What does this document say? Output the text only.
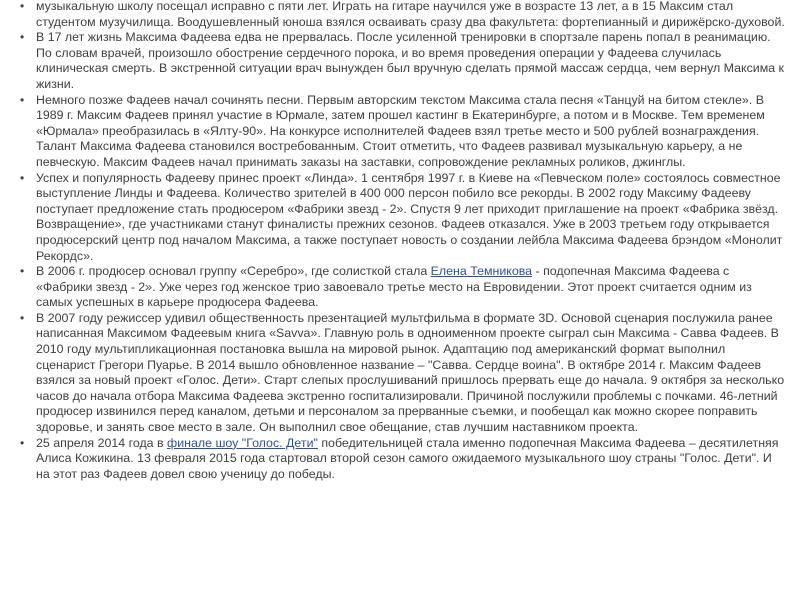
• музыкальную школу посещал исправно с пяти лет. Играть на гитаре научился уже в возрасте 13 лет, а в 15 Максим стал студентом музучилища. Воодушевленный юноша взялся осваивать сразу два факультета: фортепианный и дирижёрско-духовой.
• В 17 лет жизнь Максима Фадеева едва не прервалась. После усиленной тренировки в спортзале парень попал в реанимацию. По словам врачей, произошло обострение сердечного порока, и во время проведения операции у Фадеева случилась клиническая смерть. В экстренной ситуации врач вынужден был вручную сделать прямой массаж сердца, чем вернул Максима к жизни.
• Немного позже Фадеев начал сочинять песни. Первым авторским текстом Максима стала песня «Танцуй на битом стекле». В 1989 г. Максим Фадеев принял участие в Юрмале, затем прошел кастинг в Екатеринбурге, а потом и в Москве. Тем временем «Юрмала» преобразилась в «Ялту-90». На конкурсе исполнителей Фадеев взял третье место и 500 рублей вознаграждения. Талант Максима Фадеева становился востребованным. Стоит отметить, что Фадеев развивал музыкальную карьеру, а не певческую. Максим Фадеев начал принимать заказы на заставки, сопровождение рекламных роликов, джинглы.
• Успех и популярность Фадееву принес проект «Линда». 1 сентября 1997 г. в Киеве на «Певческом поле» состоялось совместное выступление Линды и Фадеева. Количество зрителей в 400 000 персон побило все рекорды. В 2002 году Максиму Фадееву поступает предложение стать продюсером «Фабрики звезд - 2». Спустя 9 лет приходит приглашение на проект «Фабрика звёзд. Возвращение», где участниками станут финалисты прежних сезонов. Фадеев отказался. Уже в 2003 третьем году открывается продюсерский центр под началом Максима, а также поступает новость о создании лейбла Максима Фадеева брэндом «Монолит Рекордс».
• В 2006 г. продюсер основал группу «Серебро», где солисткой стала Елена Темникова - подопечная Максима Фадеева с «Фабрики звезд - 2». Уже через год женское трио завоевало третье место на Евровидении. Этот проект считается одним из самых успешных в карьере продюсера Фадеева.
• В 2007 году режиссер удивил общественность презентацией мультфильма в формате 3D. Основой сценария послужила ранее написанная Максимом Фадеевым книга «Savva». Главную роль в одноименном проекте сыграл сын Максима - Савва Фадеев. В 2010 году мультипликационная постановка вышла на мировой рынок. Адаптацию под американский формат выполнил сценарист Грегори Пуарье. В 2014 вышло обновленное название – "Савва. Сердце воина". В октябре 2014 г. Максим Фадеев взялся за новый проект «Голос. Дети». Старт слепых прослушиваний пришлось прервать еще до начала. 9 октября за несколько часов до начала отбора Максима Фадеева экстренно госпитализировали. Причиной послужили проблемы с почками. 46-летний продюсер извинился перед каналом, детьми и персоналом за прерванные съемки, и пообещал как можно скорее поправить здоровье, и занять свое место в зале. Он выполнил свое обещание, став лучшим наставником проекта.
• 25 апреля 2014 года в финале шоу "Голос. Дети" победительницей стала именно подопечная Максима Фадеева – десятилетняя Алиса Кожикина. 13 февраля 2015 года стартовал второй сезон самого ожидаемого музыкального шоу страны "Голос. Дети". И на этот раз Фадеев довел свою ученицу до победы.
